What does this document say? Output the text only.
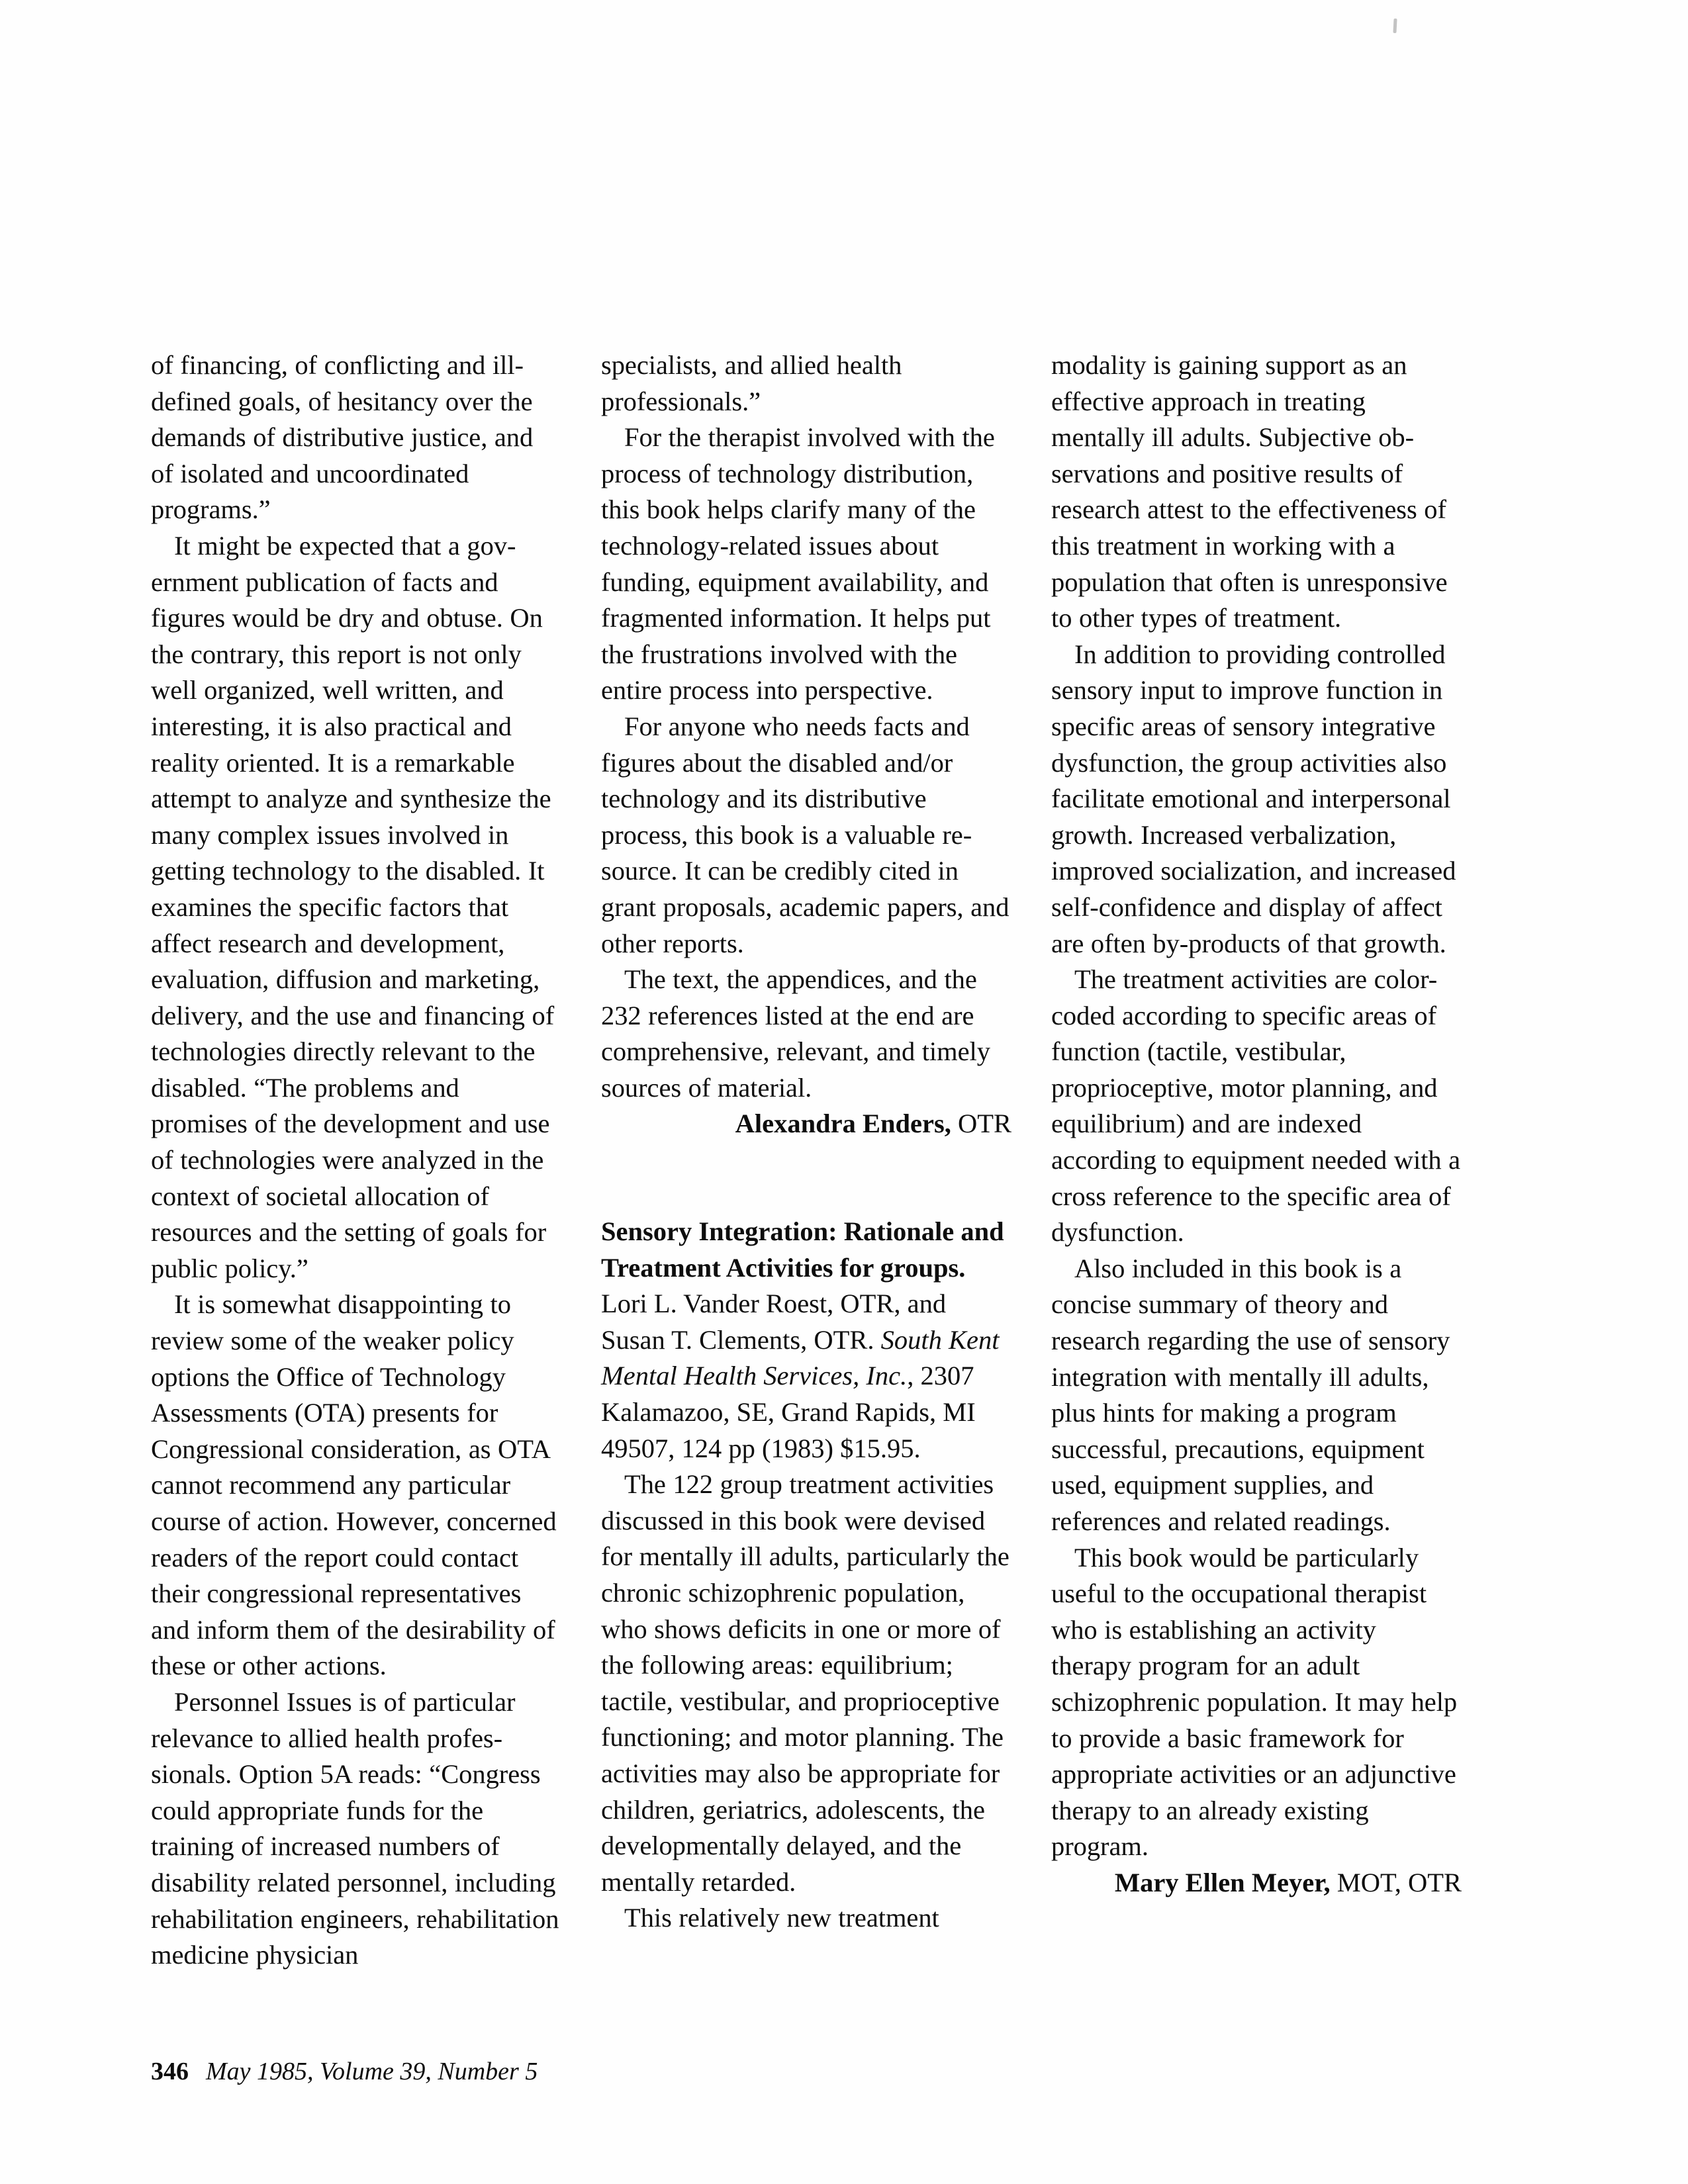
of financing, of conflicting and ill-defined goals, of hesitancy over the demands of distributive justice, and of isolated and uncoordinated programs.”

It might be expected that a government publication of facts and figures would be dry and obtuse. On the contrary, this report is not only well organized, well written, and interesting, it is also practical and reality oriented. It is a remarkable attempt to analyze and synthesize the many complex issues involved in getting technology to the disabled. It examines the specific factors that affect research and development, evaluation, diffusion and marketing, delivery, and the use and financing of technologies directly relevant to the disabled. “The problems and promises of the development and use of technologies were analyzed in the context of societal allocation of resources and the setting of goals for public policy.”

It is somewhat disappointing to review some of the weaker policy options the Office of Technology Assessments (OTA) presents for Congressional consideration, as OTA cannot recommend any particular course of action. However, concerned readers of the report could contact their congressional representatives and inform them of the desirability of these or other actions.

Personnel Issues is of particular relevance to allied health professionals. Option 5A reads: “Congress could appropriate funds for the training of increased numbers of disability related personnel, including rehabilitation engineers, rehabilitation medicine physician

specialists, and allied health professionals.”

For the therapist involved with the process of technology distribution, this book helps clarify many of the technology-related issues about funding, equipment availability, and fragmented information. It helps put the frustrations involved with the entire process into perspective.

For anyone who needs facts and figures about the disabled and/or technology and its distributive process, this book is a valuable resource. It can be credibly cited in grant proposals, academic papers, and other reports.

The text, the appendices, and the 232 references listed at the end are comprehensive, relevant, and timely sources of material.

Alexandra Enders, OTR

Sensory Integration: Rationale and Treatment Activities for groups. Lori L. Vander Roest, OTR, and Susan T. Clements, OTR. South Kent Mental Health Services, Inc., 2307 Kalamazoo, SE, Grand Rapids, MI 49507, 124 pp (1983) $15.95.

The 122 group treatment activities discussed in this book were devised for mentally ill adults, particularly the chronic schizophrenic population, who shows deficits in one or more of the following areas: equilibrium; tactile, vestibular, and proprioceptive functioning; and motor planning. The activities may also be appropriate for children, geriatrics, adolescents, the developmentally delayed, and the mentally retarded.

This relatively new treatment

modality is gaining support as an effective approach in treating mentally ill adults. Subjective observations and positive results of research attest to the effectiveness of this treatment in working with a population that often is unresponsive to other types of treatment.

In addition to providing controlled sensory input to improve function in specific areas of sensory integrative dysfunction, the group activities also facilitate emotional and interpersonal growth. Increased verbalization, improved socialization, and increased self-confidence and display of affect are often by-products of that growth.

The treatment activities are color-coded according to specific areas of function (tactile, vestibular, proprioceptive, motor planning, and equilibrium) and are indexed according to equipment needed with a cross reference to the specific area of dysfunction.

Also included in this book is a concise summary of theory and research regarding the use of sensory integration with mentally ill adults, plus hints for making a program successful, precautions, equipment used, equipment supplies, and references and related readings.

This book would be particularly useful to the occupational therapist who is establishing an activity therapy program for an adult schizophrenic population. It may help to provide a basic framework for appropriate activities or an adjunctive therapy to an already existing program.

Mary Ellen Meyer, MOT, OTR

346 May 1985, Volume 39, Number 5
